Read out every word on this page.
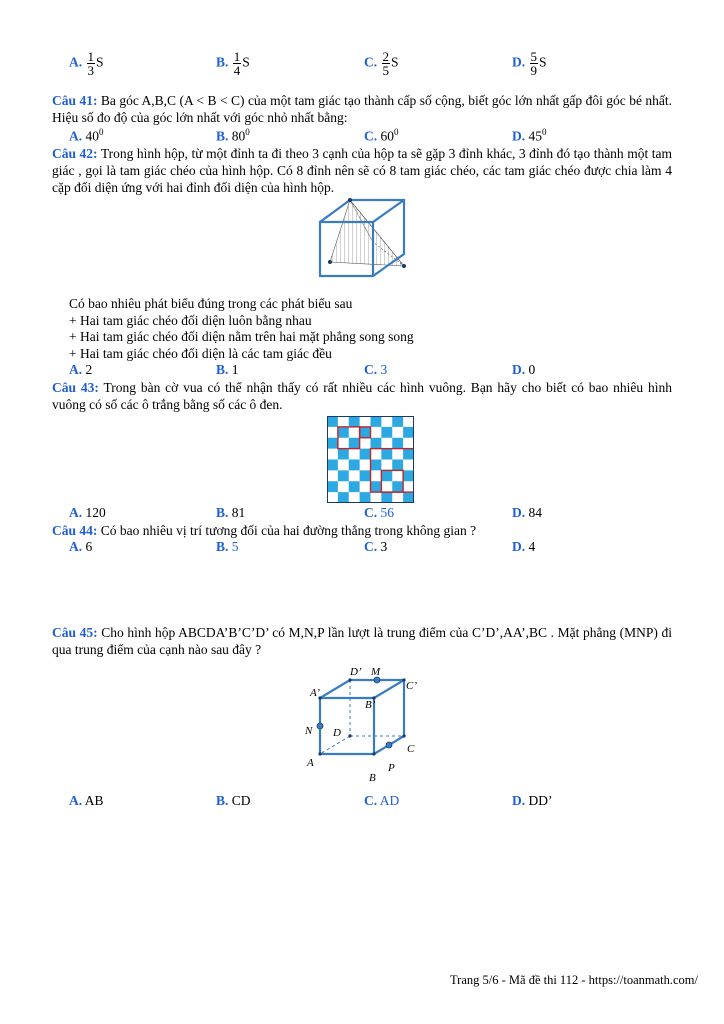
A. $\frac{1}{3}$ S	B. $\frac{1}{4}$ S	C. $\frac{2}{5}$ S	D. $\frac{5}{9}$ S
Câu 41: Ba góc A,B,C (A < B < C) của một tam giác tạo thành cấp số cộng, biết góc lớn nhất gấp đôi góc bé nhất. Hiệu số đo độ của góc lớn nhất với góc nhỏ nhất bằng:
A. $40^0$	B. $80^0$	C. $60^0$	D. $45^0$
Câu 42: Trong hình hộp, từ một đỉnh ta đi theo 3 cạnh của hộp ta sẽ gặp 3 đỉnh khác, 3 đỉnh đó tạo thành một tam giác , gọi là tam giác chéo của hình hộp. Có 8 đỉnh nên sẽ có 8 tam giác chéo, các tam giác chéo được chia làm 4 cặp đối diện ứng với hai đỉnh đối diện của hình hộp.
Có bao nhiêu phát biểu đúng trong các phát biểu sau
+ Hai tam giác chéo đối diện luôn bằng nhau
+ Hai tam giác chéo đối diện nằm trên hai mặt phẳng song song
+ Hai tam giác chéo đối diện là các tam giác đều
A. 2	B. 1	C. 3	D. 0
Câu 43: Trong bàn cờ vua có thể nhận thấy có rất nhiều các hình vuông. Bạn hãy cho biết có bao nhiêu hình vuông có số các ô trắng bằng số các ô đen.
A. 120	B. 81	C. 56	D. 84
Câu 44: Có bao nhiêu vị trí tương đối của hai đường thẳng trong không gian ?
A. 6	B. 5	C. 3	D. 4
Câu 45: Cho hình hộp ABCDA’B’C’D’ có M,N,P lần lượt là trung điểm của C’D’,AA’,BC . Mặt phẳng (MNP) đi qua trung điểm của cạnh nào sau đây ?
D’ M
C’
A’
B’
N D
C
A	P
B
A. AB	B. CD	C. AD	D. DD’
Trang 5/6 - Mã đề thi 112 - https://toanmath.com/
